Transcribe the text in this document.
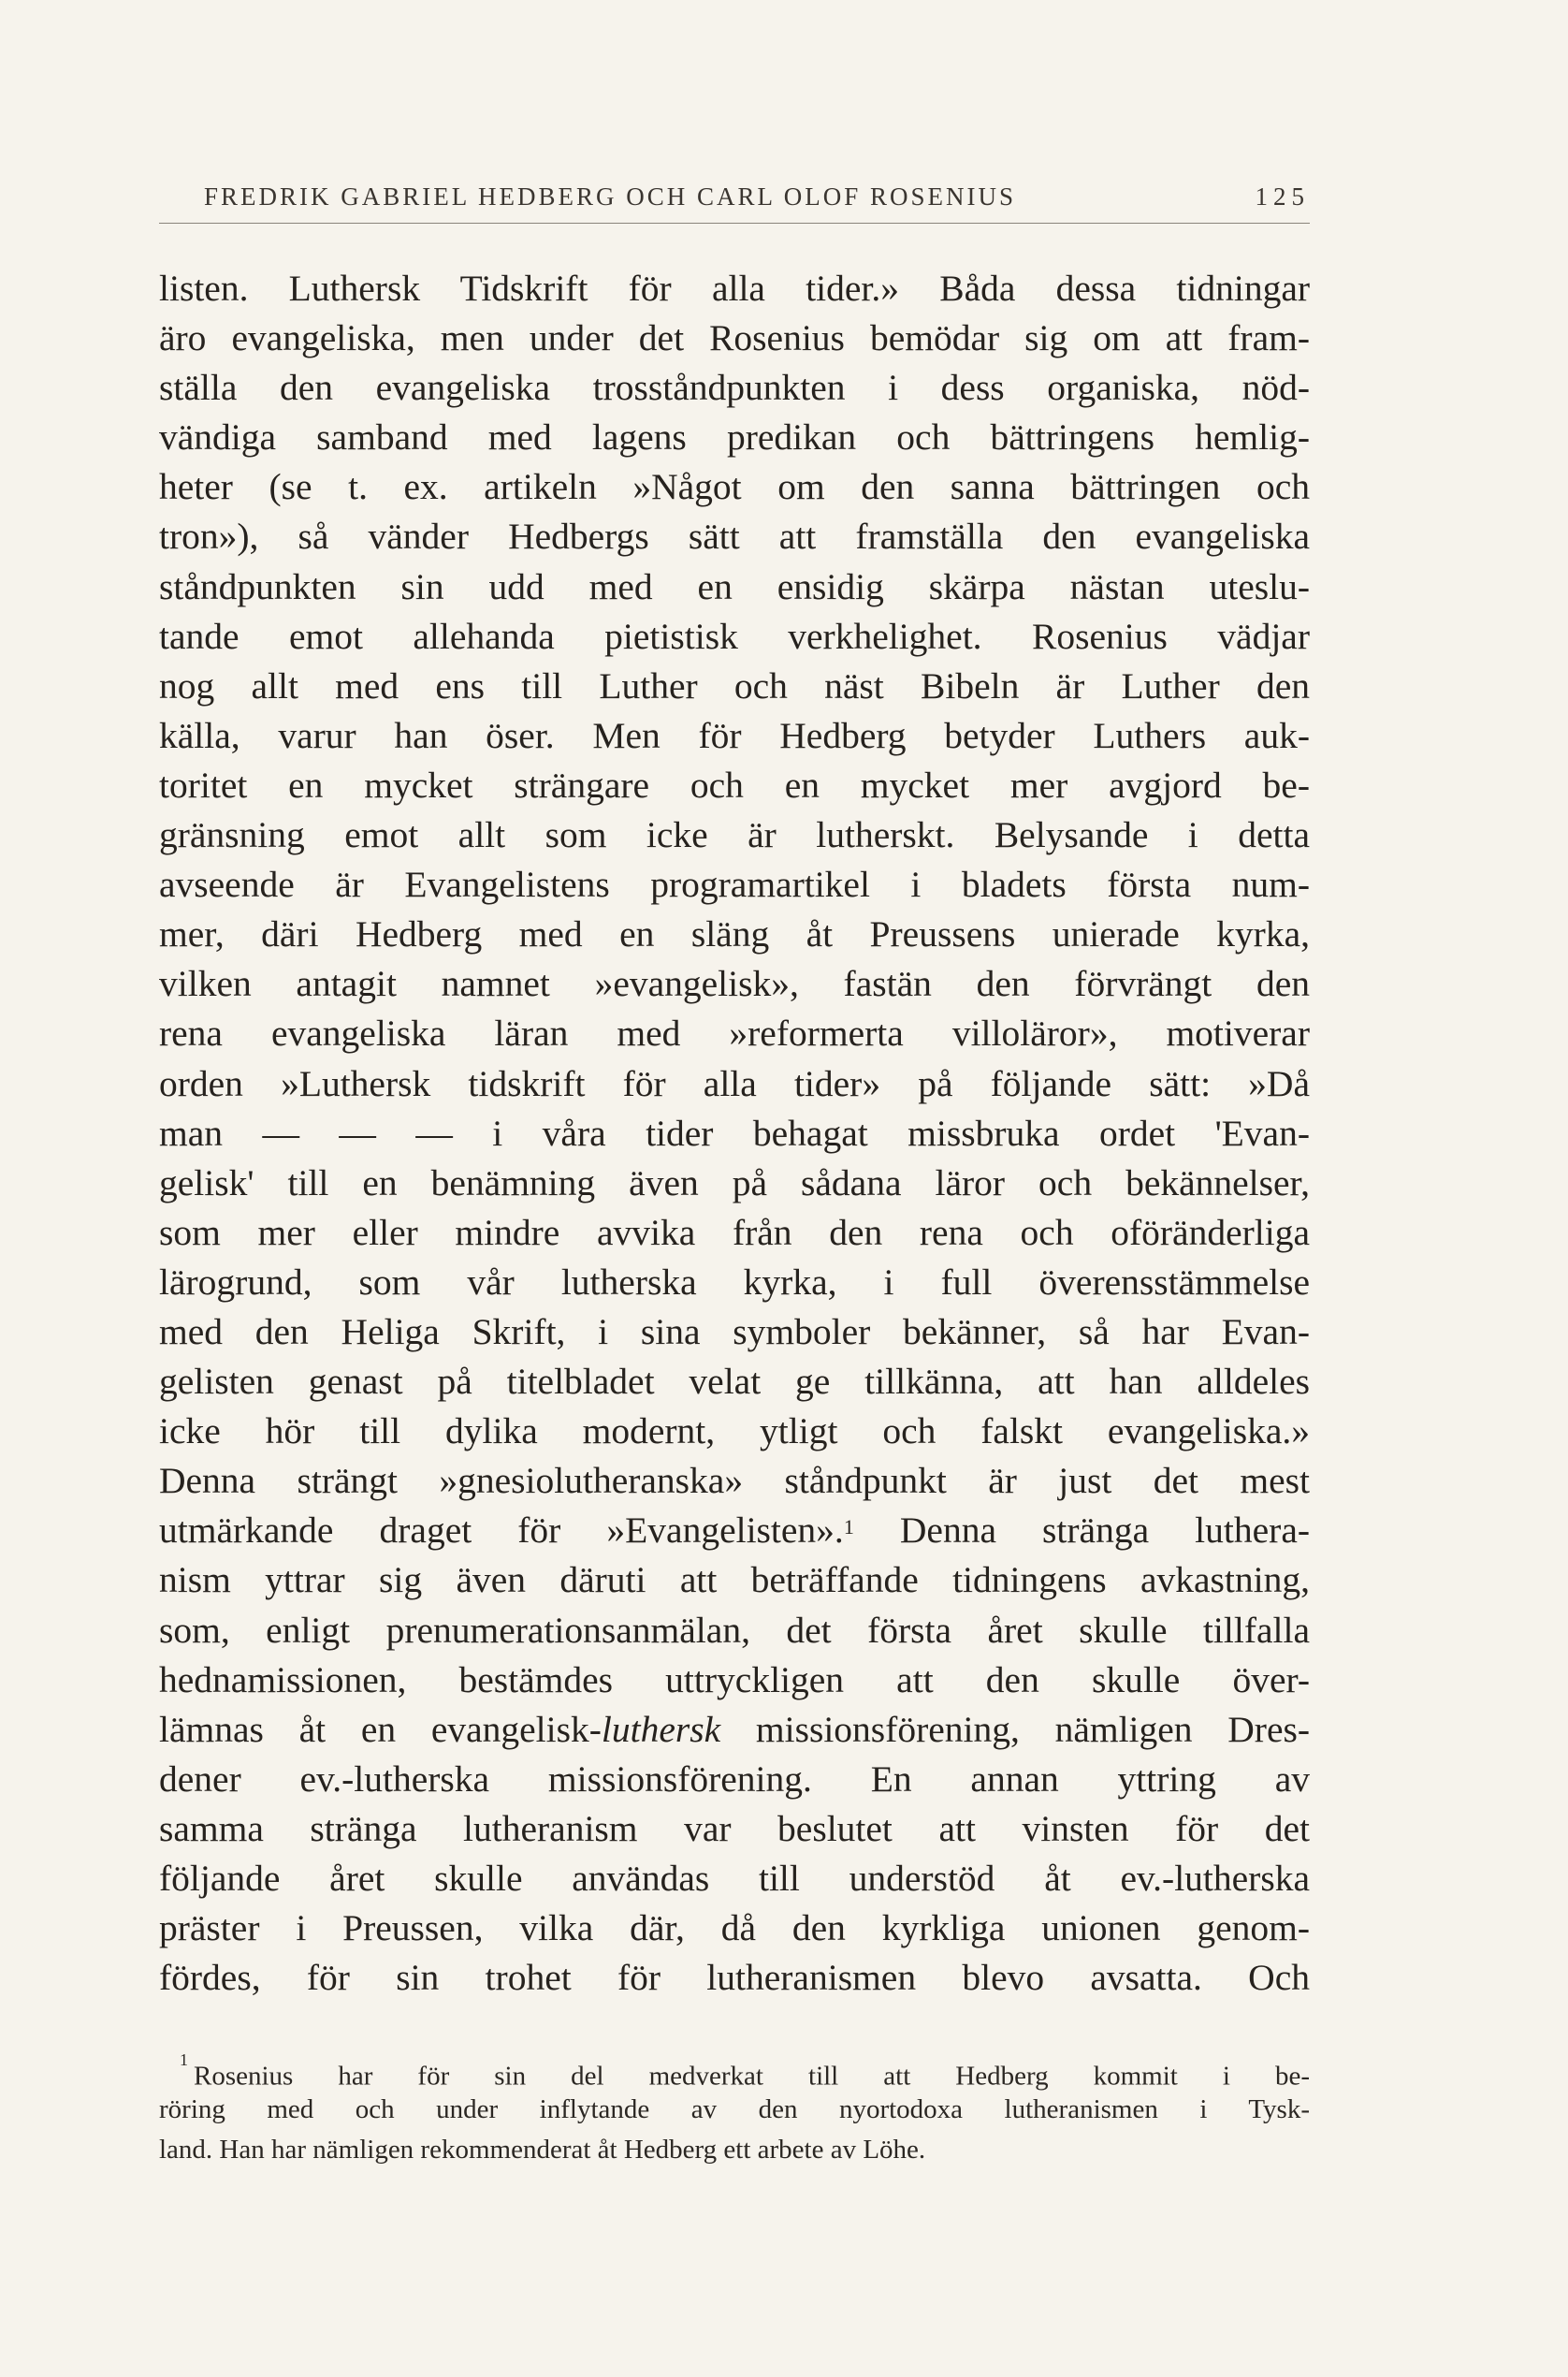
FREDRIK GABRIEL HEDBERG OCH CARL OLOF ROSENIUS	125
listen. Luthersk Tidskrift för alla tider.» Båda dessa tidningar
äro evangeliska, men under det Rosenius bemödar sig om att fram-
ställa den evangeliska trosståndpunkten i dess organiska, nöd-
vändiga samband med lagens predikan och bättringens hemlig-
heter (se t. ex. artikeln »Något om den sanna bättringen och
tron»), så vänder Hedbergs sätt att framställa den evangeliska
ståndpunkten sin udd med en ensidig skärpa nästan uteslu-
tande emot allehanda pietistisk verkhelighet. Rosenius vädjar
nog allt med ens till Luther och näst Bibeln är Luther den
källa, varur han öser. Men för Hedberg betyder Luthers auk-
toritet en mycket strängare och en mycket mer avgjord be-
gränsning emot allt som icke är lutherskt. Belysande i detta
avseende är Evangelistens programartikel i bladets första num-
mer, däri Hedberg med en släng åt Preussens unierade kyrka,
vilken antagit namnet »evangelisk», fastän den förvrängt den
rena evangeliska läran med »reformerta villoläror», motiverar
orden »Luthersk tidskrift för alla tider» på följande sätt: »Då
man — — — i våra tider behagat missbruka ordet 'Evan-
gelisk' till en benämning även på sådana läror och bekännelser,
som mer eller mindre avvika från den rena och oföränderliga
lärogrund, som vår lutherska kyrka, i full överensstämmelse
med den Heliga Skrift, i sina symboler bekänner, så har Evan-
gelisten genast på titelbladet velat ge tillkänna, att han alldeles
icke hör till dylika modernt, ytligt och falskt evangeliska.»
Denna strängt »gnesiolutheranska» ståndpunkt är just det mest
utmärkande draget för »Evangelisten».$^1$ Denna stränga luthera-
nism yttrar sig även däruti att beträffande tidningens avkastning,
som, enligt prenumerationsanmälan, det första året skulle tillfalla
hednamissionen, bestämdes uttryckligen att den skulle över-
lämnas åt en evangelisk-luthersk missionsförening, nämligen Dres-
dener ev.-lutherska missionsförening. En annan yttring av
samma stränga lutheranism var beslutet att vinsten för det
följande året skulle användas till understöd åt ev.-lutherska
präster i Preussen, vilka där, då den kyrkliga unionen genom-
fördes, för sin trohet för lutheranismen blevo avsatta. Och
$^1$Rosenius har för sin del medverkat till att Hedberg kommit i be-
röring med och under inflytande av den nyortodoxa lutheranismen i Tysk-
land. Han har nämligen rekommenderat åt Hedberg ett arbete av Löhe.
